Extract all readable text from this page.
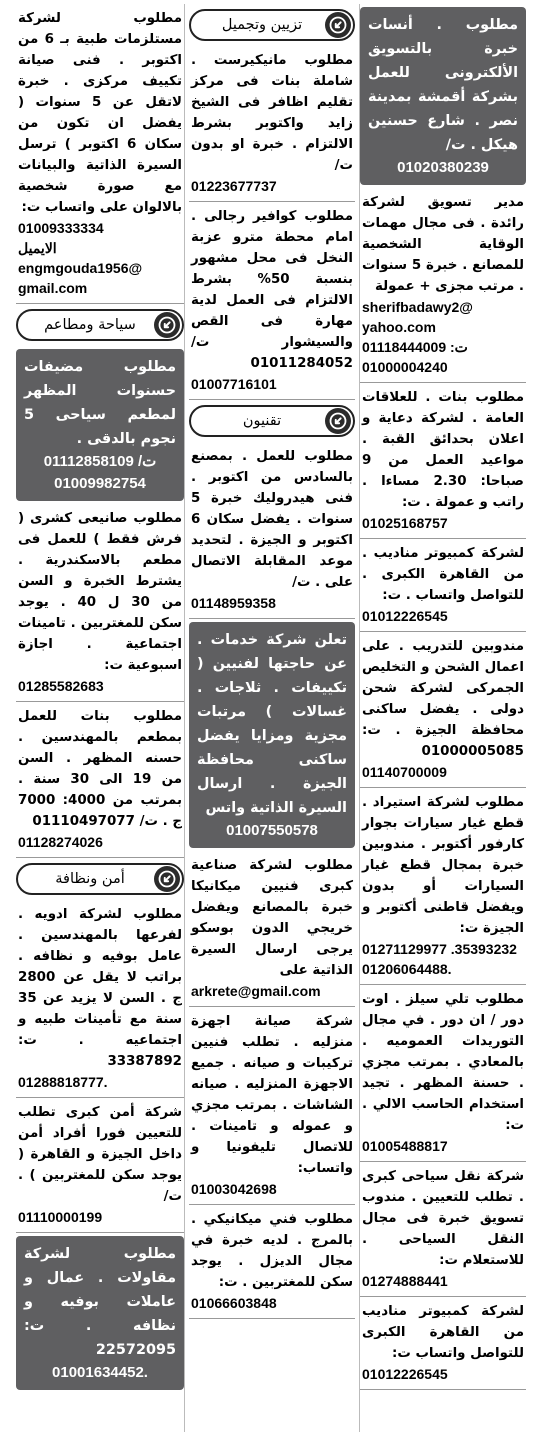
مطلوب . أنسات خبرة بالتسويق الألكترونى للعمل بشركة أقمشة بمدينة نصر . شارع حسنين هيكل . ت/
01020380239
مدير تسويق لشركة رائدة . فى مجال مهمات الوقاية الشخصية للمصانع . خبرة 5 سنوات . مرتب مجزى + عمولة
sherifbadawy2@
yahoo.com
ت: 01118444009
01000004240
مطلوب بنات . للعلاقات العامة . لشركة دعاية و اعلان بحدائق القبة . مواعيد العمل من 9 صباحا: 2.30 مساءا . راتب و عمولة . ت:
01025168757
لشركة كمبيوتر مناديب . من القاهرة الكبرى . للتواصل واتساب . ت:
01012226545
مندوبين للتدريب . على اعمال الشحن و التخليص الجمركى لشركة شحن دولى . يفضل ساكنى محافظة الجيزة . ت: 01000005085
01140700009
مطلوب لشركة استيراد . قطع غيار سيارات بجوار كارفور أكتوبر . مندوبين خبرة بمجال قطع غيار السيارات أو بدون ويفضل قاطنى أكتوبر و الجيزة ت:
01271129977 .35393232
01206064488.
مطلوب تلي سيلز . اوت دور / ان دور . في مجال التوريدات العموميه . بالمعادي . بمرتب مجزي . حسنة المظهر . تجيد استخدام الحاسب الالي . ت:
01005488817
شركة نقل سياحى كبرى . تطلب للتعيين . مندوب تسويق خبرة فى مجال النقل السياحى . للاستعلام ت:
01274888441
لشركة كمبيوتر مناديب من القاهرة الكبرى للتواصل واتساب ت:
01012226545
تزيين وتجميل
مطلوب مانيكيرست . شاملة بنات فى مركز تقليم اظافر فى الشيخ زايد واكتوبر بشرط الالتزام . خبرة او بدون ت/
01223677737
مطلوب كوافير رجالى . امام محطة مترو عزبة النخل فى محل مشهور بنسبة 50% بشرط الالتزام فى العمل لدية مهارة فى القص والسيشوار ت/ 01011284052
01007716101
تقنيون
مطلوب للعمل . بمصنع بالسادس من اكتوبر . فنى هيدروليك خبرة 5 سنوات . يفضل سكان 6 اكتوبر و الجيزة . لتحديد موعد المقابلة الاتصال على . ت/
01148959358
تعلن شركة خدمات . عن حاجتها لفنيين ( تكييفات . ثلاجات . غسالات ) مرتبات مجزية ومزايا يفضل ساكنى محافظة الجيزة . ارسال السيرة الذاتية واتس
01007550578
مطلوب لشركة صناعية كبرى فنيين ميكانيكا خبرة بالمصانع ويفضل خريجي الدون بوسكو يرجى ارسال السيرة الذاتية على
arkrete@gmail.com
شركة صيانة اجهزة منزليه . تطلب فنيين تركيبات و صيانه . جميع الاجهزة المنزليه . صيانه الشاشات . بمرتب مجزي و عموله و تامينات . للاتصال تليفونيا و واتساب:
01003042698
مطلوب فني ميكانيكي . بالمرج . لديه خبرة في مجال الديزل . يوجد سكن للمغتربين . ت:
01066603848
مطلوب لشركة مستلزمات طبية بـ 6 من اكتوبر . فنى صيانة تكييف مركزى . خبرة لاتقل عن 5 سنوات ( يفضل ان تكون من سكان 6 اكتوبر ) ترسل السيرة الذاتية والبيانات مع صورة شخصية بالالوان على واتساب ت:
01009333334
الايميل
engmgouda1956@
gmail.com
سياحة ومطاعم
مطلوب مضيفات حسنوات المظهر لمطعم سياحى 5 نجوم بالدقى .
ت/ 01112858109
01009982754
مطلوب صانيعى كشرى ( فرش فقط ) للعمل فى مطعم بالاسكندرية . يشترط الخبرة و السن من 30 ل 40 . يوجد سكن للمغتربين . تامينات اجتماعية . اجازة اسبوعية ت:
01285582683
مطلوب بنات للعمل بمطعم بالمهندسين . حسنه المظهر . السن من 19 الى 30 سنة . بمرتب من 4000: 7000 ج . ت/ 01110497077
01128274026
أمن ونظافة
مطلوب لشركة ادويه . لفرعها بالمهندسين . عامل بوفيه و نظافه . براتب لا يقل عن 2800 ج . السن لا يزيد عن 35 سنة مع تأمينات طبيه و اجتماعيه . ت: 33387892
01288818777.
شركة أمن كبرى تطلب للتعيين فورا أفراد أمن داخل الجيزة و القاهرة ( يوجد سكن للمغتربين ) . ت/
01110000199
مطلوب لشركة مقاولات . عمال و عاملات بوفيه و نظافه . ت: 22572095
01001634452.
